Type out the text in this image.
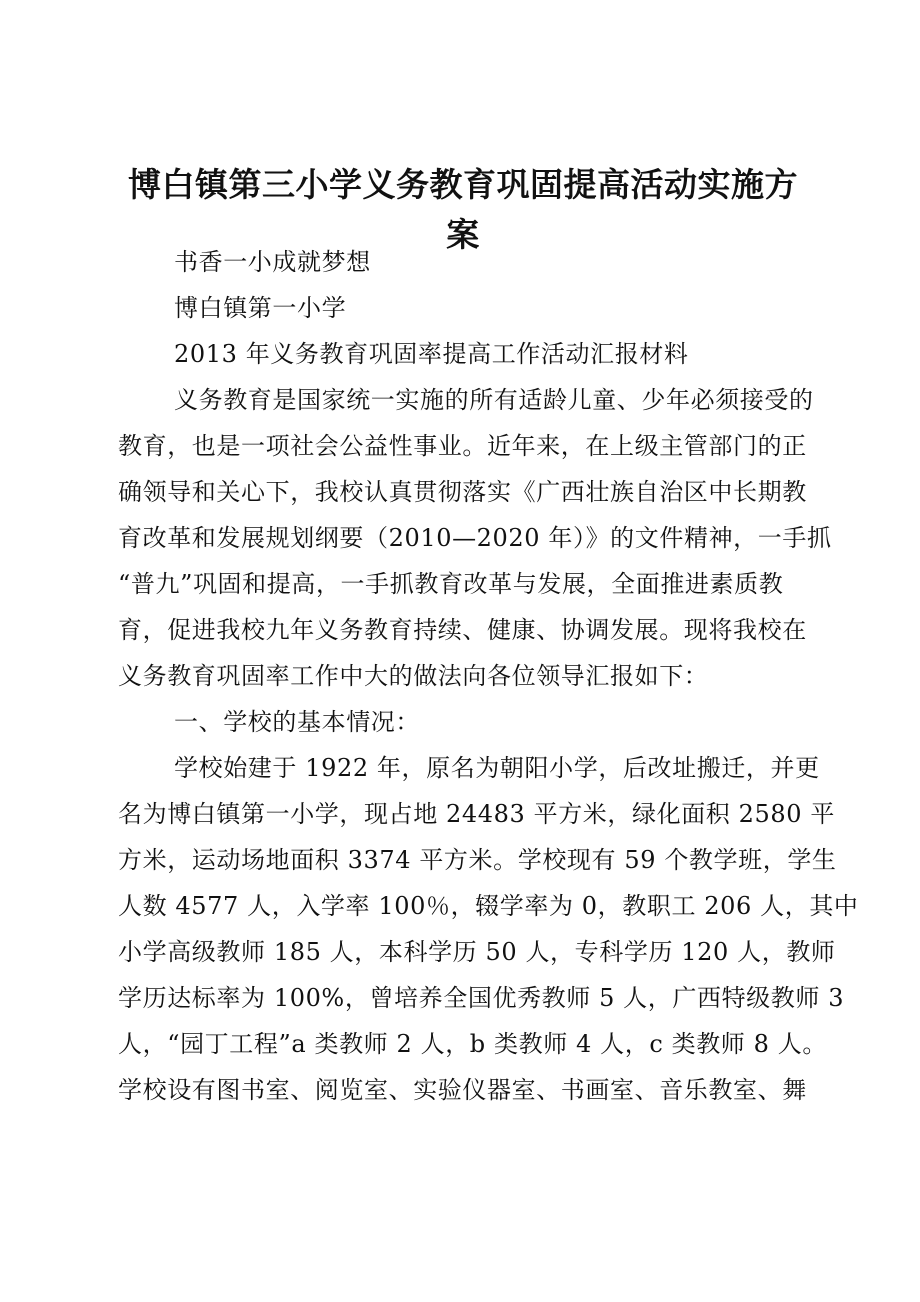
博白镇第三小学义务教育巩固提高活动实施方
案

书香一小成就梦想

博白镇第一小学

2013 年义务教育巩固率提高工作活动汇报材料

义务教育是国家统一实施的所有适龄儿童、少年必须接受的
教育，也是一项社会公益性事业。近年来，在上级主管部门的正
确领导和关心下，我校认真贯彻落实《广西壮族自治区中长期教
育改革和发展规划纲要（2010—2020 年）》的文件精神，一手抓
“普九”巩固和提高，一手抓教育改革与发展，全面推进素质教
育，促进我校九年义务教育持续、健康、协调发展。现将我校在
义务教育巩固率工作中大的做法向各位领导汇报如下：

一、学校的基本情况：

学校始建于 1922 年，原名为朝阳小学，后改址搬迁，并更
名为博白镇第一小学，现占地 24483 平方米，绿化面积 2580 平
方米，运动场地面积 3374 平方米。学校现有 59 个教学班，学生
人数 4577 人，入学率 100％，辍学率为 0，教职工 206 人，其中
小学高级教师 185 人，本科学历 50 人，专科学历 120 人，教师
学历达标率为 100%，曾培养全国优秀教师 5 人，广西特级教师 3
人，“园丁工程”a 类教师 2 人，b 类教师 4 人，c 类教师 8 人。
学校设有图书室、阅览室、实验仪器室、书画室、音乐教室、舞
